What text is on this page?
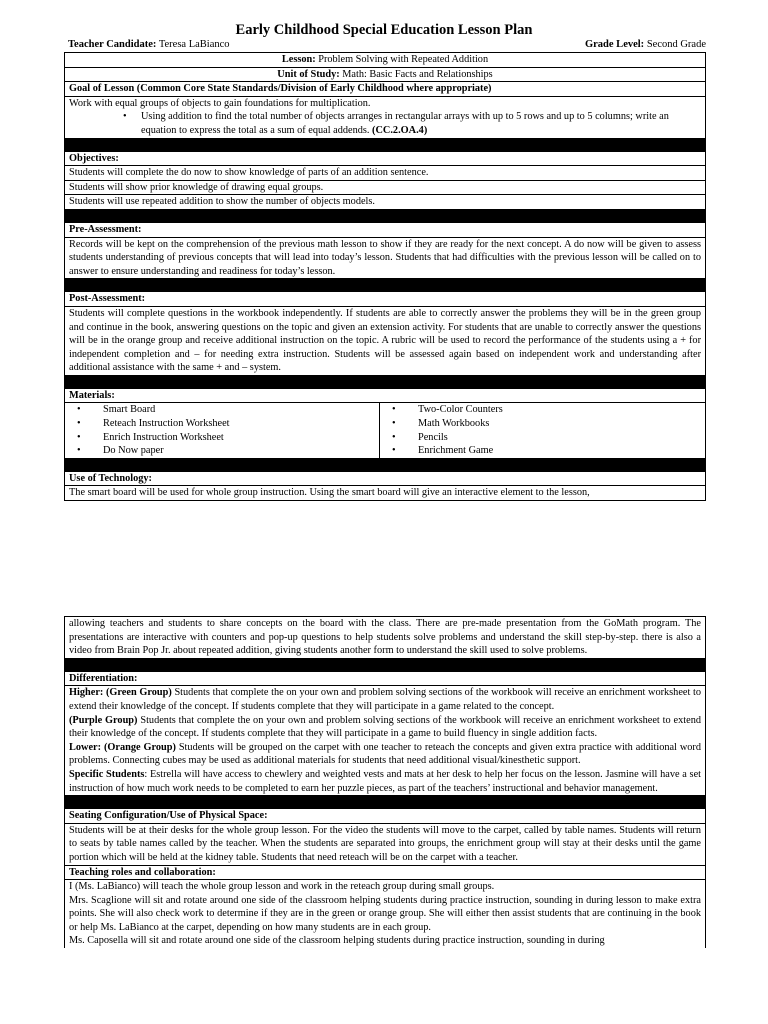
Early Childhood Special Education Lesson Plan
Teacher Candidate: Teresa LaBianco	Grade Level: Second Grade
Lesson: Problem Solving with Repeated Addition
Unit of Study: Math: Basic Facts and Relationships
Goal of Lesson (Common Core State Standards/Division of Early Childhood where appropriate)
Work with equal groups of objects to gain foundations for multiplication.
•	Using addition to find the total number of objects arranges in rectangular arrays with up to 5 rows and up to 5 columns; write an equation to express the total as a sum of equal addends. (CC.2.OA.4)
Objectives:
Students will complete the do now to show knowledge of parts of an addition sentence.
Students will show prior knowledge of drawing equal groups.
Students will use repeated addition to show the number of objects models.
Pre-Assessment:
Records will be kept on the comprehension of the previous math lesson to show if they are ready for the next concept. A do now will be given to assess students understanding of previous concepts that will lead into today’s lesson. Students that had difficulties with the previous lesson will be called on to answer to ensure understanding and readiness for today’s lesson.
Post-Assessment:
Students will complete questions in the workbook independently. If students are able to correctly answer the problems they will be in the green group and continue in the book, answering questions on the topic and given an extension activity. For students that are unable to correctly answer the questions will be in the orange group and receive additional instruction on the topic. A rubric will be used to record the performance of the students using a + for independent completion and – for needing extra instruction. Students will be assessed again based on independent work and understanding after additional assistance with the same + and – system.
Materials:
•	Smart Board
•	Reteach Instruction Worksheet
•	Enrich Instruction Worksheet
•	Do Now paper
•	Two-Color Counters
•	Math Workbooks
•	Pencils
•	Enrichment Game
Use of Technology:
The smart board will be used for whole group instruction. Using the smart board will give an interactive element to the lesson,
allowing teachers and students to share concepts on the board with the class. There are pre-made presentation from the GoMath program. The presentations are interactive with counters and pop-up questions to help students solve problems and understand the skill step-by-step. there is also a video from Brain Pop Jr. about repeated addition, giving students another form to understand the skill used to solve problems.
Differentiation:
Higher: (Green Group) Students that complete the on your own and problem solving sections of the workbook will receive an enrichment worksheet to extend their knowledge of the concept. If students complete that they will participate in a game related to the concept.
(Purple Group) Students that complete the on your own and problem solving sections of the workbook will receive an enrichment worksheet to extend their knowledge of the concept. If students complete that they will participate in a game to build fluency in single addition facts.
Lower: (Orange Group) Students will be grouped on the carpet with one teacher to reteach the concepts and given extra practice with additional word problems. Connecting cubes may be used as additional materials for students that need additional visual/kinesthetic support.
Specific Students: Estrella will have access to chewlery and weighted vests and mats at her desk to help her focus on the lesson. Jasmine will have a set instruction of how much work needs to be completed to earn her puzzle pieces, as part of the teachers’ instructional and behavior management.
Seating Configuration/Use of Physical Space:
Students will be at their desks for the whole group lesson. For the video the students will move to the carpet, called by table names. Students will return to seats by table names called by the teacher. When the students are separated into groups, the enrichment group will stay at their desks until the game portion which will be held at the kidney table. Students that need reteach will be on the carpet with a teacher.
Teaching roles and collaboration:
I (Ms. LaBianco) will teach the whole group lesson and work in the reteach group during small groups.
Mrs. Scaglione will sit and rotate around one side of the classroom helping students during practice instruction, sounding in during lesson to make extra points. She will also check work to determine if they are in the green or orange group. She will either then assist students that are continuing in the book or help Ms. LaBianco at the carpet, depending on how many students are in each group.
Ms. Caposella will sit and rotate around one side of the classroom helping students during practice instruction, sounding in during
